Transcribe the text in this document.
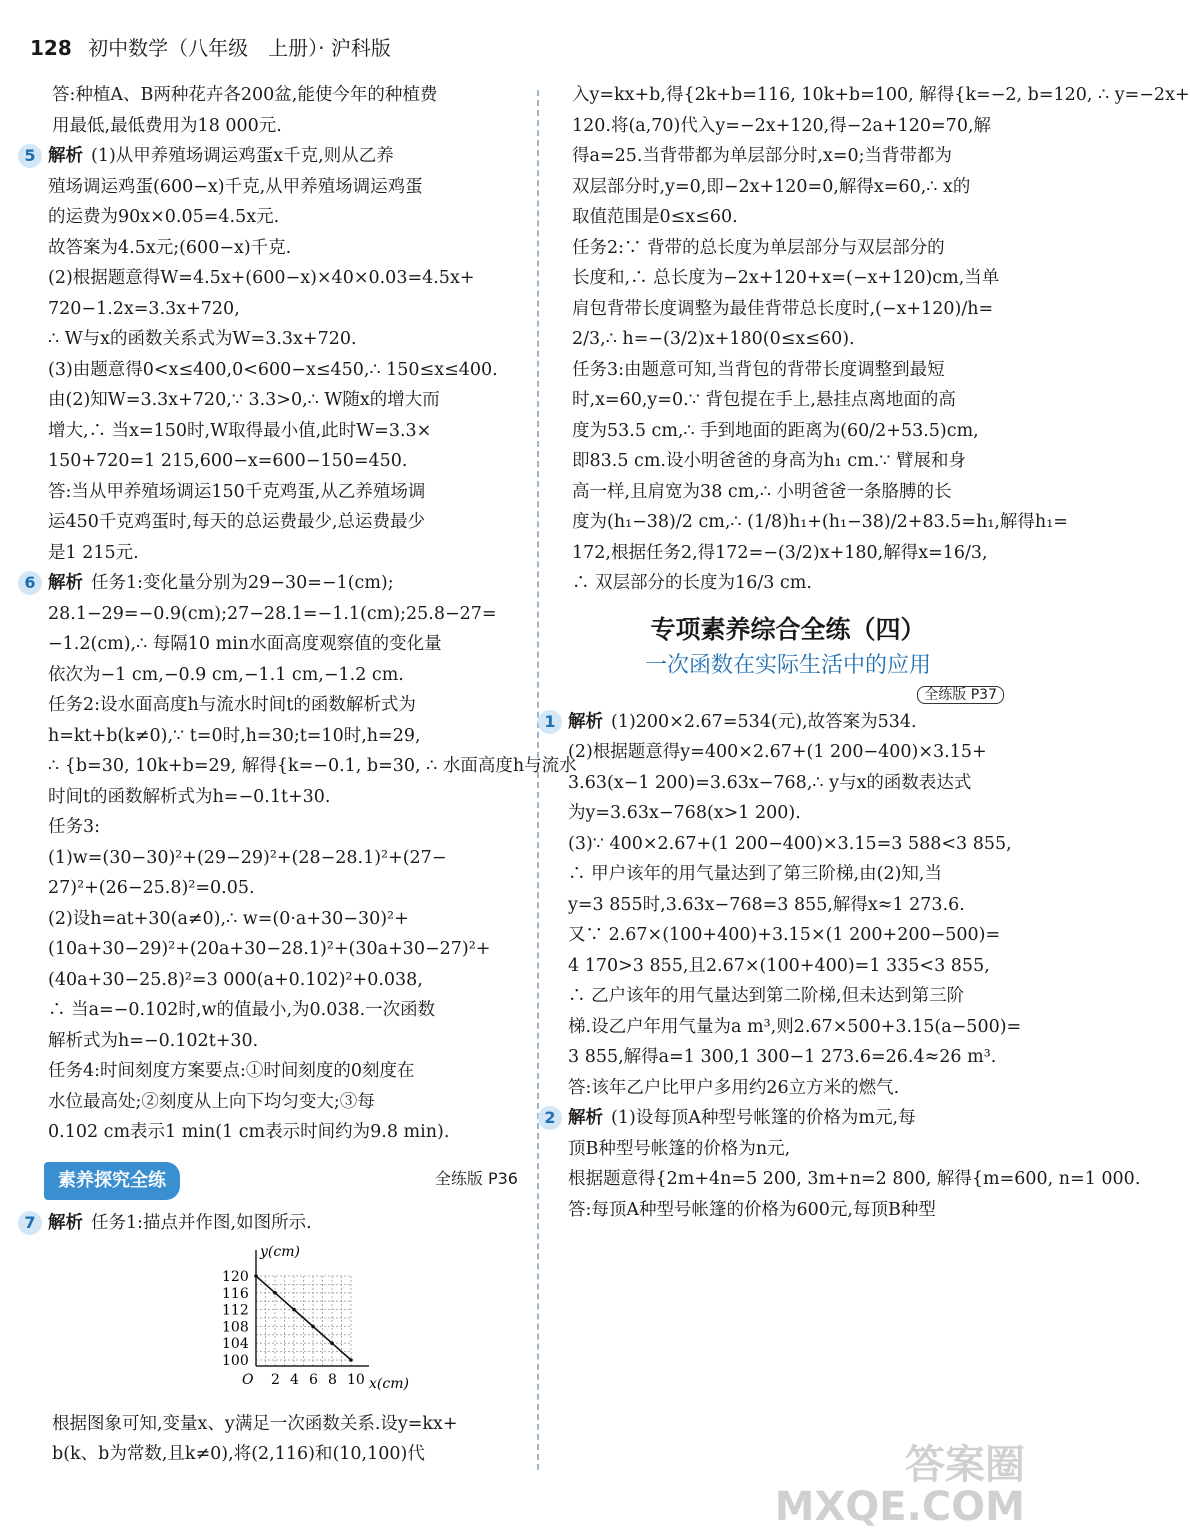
128 初中数学（八年级　上册）· 沪科版
答:种植A、B两种花卉各200盆,能使今年的种植费
用最低,最低费用为18 000元.
5 解析 (1)从甲养殖场调运鸡蛋x千克,则从乙养
殖场调运鸡蛋(600−x)千克,从甲养殖场调运鸡蛋
的运费为90x×0.05=4.5x元.
故答案为4.5x元;(600−x)千克.
(2)根据题意得W=4.5x+(600−x)×40×0.03=4.5x+
720−1.2x=3.3x+720,
∴ W与x的函数关系式为W=3.3x+720.
(3)由题意得0<x≤400,0<600−x≤450,∴ 150≤x≤400.
由(2)知W=3.3x+720,∵ 3.3>0,∴ W随x的增大而
增大,∴ 当x=150时,W取得最小值,此时W=3.3×
150+720=1 215,600−x=600−150=450.
答:当从甲养殖场调运150千克鸡蛋,从乙养殖场调
运450千克鸡蛋时,每天的总运费最少,总运费最少
是1 215元.
6 解析 任务1:变化量分别为29−30=−1(cm);
28.1−29=−0.9(cm);27−28.1=−1.1(cm);25.8−27=
−1.2(cm),∴ 每隔10 min水面高度观察值的变化量
依次为−1 cm,−0.9 cm,−1.1 cm,−1.2 cm.
任务2:设水面高度h与流水时间t的函数解析式为
h=kt+b(k≠0),∵ t=0时,h=30;t=10时,h=29,
∴ {b=30, 10k+b=29, 解得{k=−0.1, b=30, ∴ 水面高度h与流水
时间t的函数解析式为h=−0.1t+30.
任务3:
(1)w=(30−30)²+(29−29)²+(28−28.1)²+(27−
27)²+(26−25.8)²=0.05.
(2)设h=at+30(a≠0),∴ w=(0·a+30−30)²+
(10a+30−29)²+(20a+30−28.1)²+(30a+30−27)²+
(40a+30−25.8)²=3 000(a+0.102)²+0.038,
∴ 当a=−0.102时,w的值最小,为0.038.一次函数
解析式为h=−0.102t+30.
任务4:时间刻度方案要点:①时间刻度的0刻度在
水位最高处;②刻度从上向下均匀变大;③每
0.102 cm表示1 min(1 cm表示时间约为9.8 min).
素养探究全练	全练版 P36
7 解析 任务1:描点并作图,如图所示.
y(cm)
x(cm)
O
120
116
112
108
104
100
2 4 6 8 10
根据图象可知,变量x、y满足一次函数关系.设y=kx+
b(k、b为常数,且k≠0),将(2,116)和(10,100)代
入y=kx+b,得{2k+b=116, 10k+b=100, 解得{k=−2, b=120, ∴ y=−2x+
120.将(a,70)代入y=−2x+120,得−2a+120=70,解
得a=25.当背带都为单层部分时,x=0;当背带都为
双层部分时,y=0,即−2x+120=0,解得x=60,∴ x的
取值范围是0≤x≤60.
任务2:∵ 背带的总长度为单层部分与双层部分的
长度和,∴ 总长度为−2x+120+x=(−x+120)cm,当单
肩包背带长度调整为最佳背带总长度时,(−x+120)/h=
2/3,∴ h=−(3/2)x+180(0≤x≤60).
任务3:由题意可知,当背包的背带长度调整到最短
时,x=60,y=0.∵ 背包提在手上,悬挂点离地面的高
度为53.5 cm,∴ 手到地面的距离为(60/2+53.5)cm,
即83.5 cm.设小明爸爸的身高为h₁ cm.∵ 臂展和身
高一样,且肩宽为38 cm,∴ 小明爸爸一条胳膊的长
度为(h₁−38)/2 cm,∴ (1/8)h₁+(h₁−38)/2+83.5=h₁,解得h₁=
172,根据任务2,得172=−(3/2)x+180,解得x=16/3,
∴ 双层部分的长度为16/3 cm.
专项素养综合全练（四）
一次函数在实际生活中的应用
全练版 P37
1 解析 (1)200×2.67=534(元),故答案为534.
(2)根据题意得y=400×2.67+(1 200−400)×3.15+
3.63(x−1 200)=3.63x−768,∴ y与x的函数表达式
为y=3.63x−768(x>1 200).
(3)∵ 400×2.67+(1 200−400)×3.15=3 588<3 855,
∴ 甲户该年的用气量达到了第三阶梯,由(2)知,当
y=3 855时,3.63x−768=3 855,解得x≈1 273.6.
又∵ 2.67×(100+400)+3.15×(1 200+200−500)=
4 170>3 855,且2.67×(100+400)=1 335<3 855,
∴ 乙户该年的用气量达到第二阶梯,但未达到第三阶
梯.设乙户年用气量为a m³,则2.67×500+3.15(a−500)=
3 855,解得a=1 300,1 300−1 273.6=26.4≈26 m³.
答:该年乙户比甲户多用约26立方米的燃气.
2 解析 (1)设每顶A种型号帐篷的价格为m元,每
顶B种型号帐篷的价格为n元,
根据题意得{2m+4n=5 200, 3m+n=2 800, 解得{m=600, n=1 000.
答:每顶A种型号帐篷的价格为600元,每顶B种型
答案圈
MXQE.COM
